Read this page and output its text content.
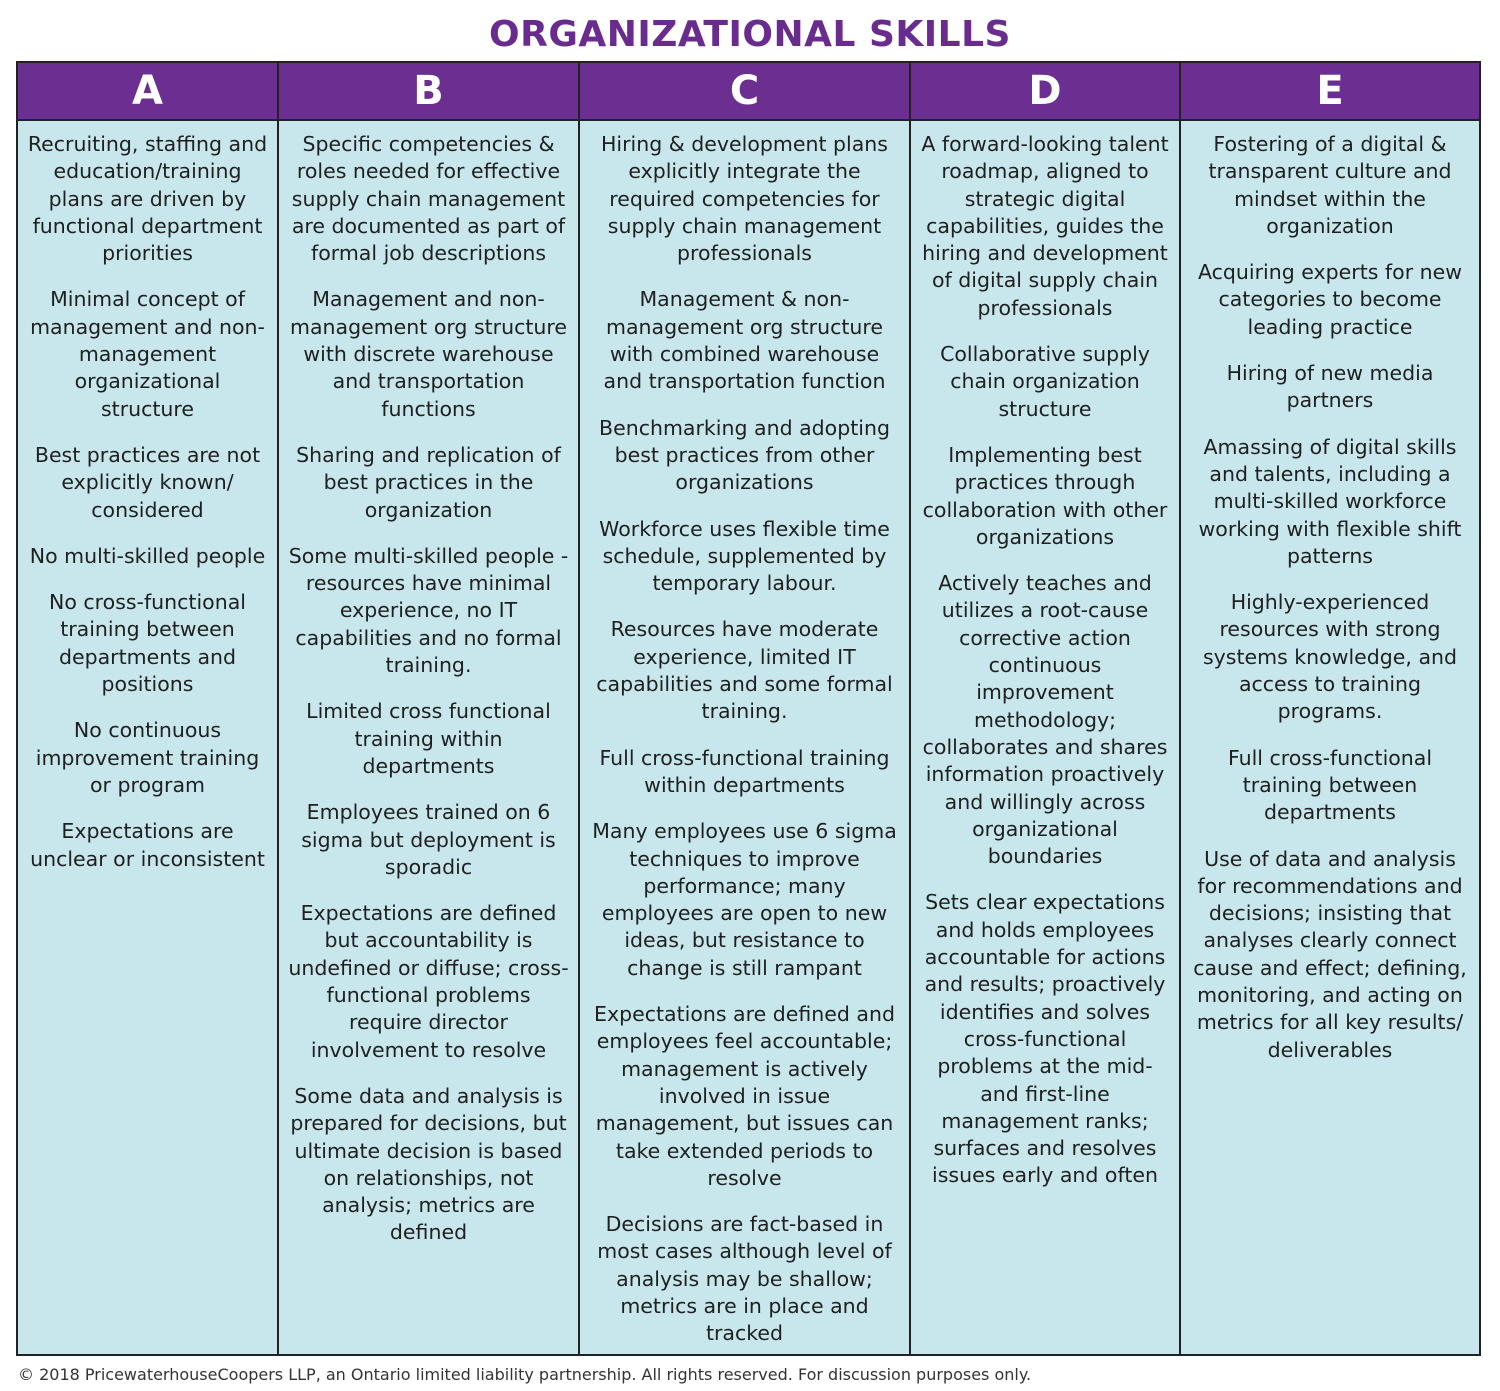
ORGANIZATIONAL SKILLS
A

Recruiting, staffing and education/training plans are driven by functional department priorities

Minimal concept of management and non-management organizational structure

Best practices are not explicitly known/ considered

No multi-skilled people

No cross-functional training between departments and positions

No continuous improvement training or program

Expectations are unclear or inconsistent

B

Specific competencies & roles needed for effective supply chain management are documented as part of formal job descriptions

Management and non-management org structure with discrete warehouse and transportation functions

Sharing and replication of best practices in the organization

Some multi-skilled people - resources have minimal experience, no IT capabilities and no formal training.

Limited cross functional training within departments

Employees trained on 6 sigma but deployment is sporadic

Expectations are defined but accountability is undefined or diffuse; cross-functional problems require director involvement to resolve

Some data and analysis is prepared for decisions, but ultimate decision is based on relationships, not analysis; metrics are defined

C

Hiring & development plans explicitly integrate the required competencies for supply chain management professionals

Management & non-management org structure with combined warehouse and transportation function

Benchmarking and adopting best practices from other organizations

Workforce uses flexible time schedule, supplemented by temporary labour.

Resources have moderate experience, limited IT capabilities and some formal training.

Full cross-functional training within departments

Many employees use 6 sigma techniques to improve performance; many employees are open to new ideas, but resistance to change is still rampant

Expectations are defined and employees feel accountable; management is actively involved in issue management, but issues can take extended periods to resolve

Decisions are fact-based in most cases although level of analysis may be shallow; metrics are in place and tracked

D

A forward-looking talent roadmap, aligned to strategic digital capabilities, guides the hiring and development of digital supply chain professionals

Collaborative supply chain organization structure

Implementing best practices through collaboration with other organizations

Actively teaches and utilizes a root-cause corrective action continuous improvement methodology; collaborates and shares information proactively and willingly across organizational boundaries

Sets clear expectations and holds employees accountable for actions and results; proactively identifies and solves cross-functional problems at the mid- and first-line management ranks; surfaces and resolves issues early and often

E

Fostering of a digital & transparent culture and mindset within the organization

Acquiring experts for new categories to become leading practice

Hiring of new media partners

Amassing of digital skills and talents, including a multi-skilled workforce working with flexible shift patterns

Highly-experienced resources with strong systems knowledge, and access to training programs.

Full cross-functional training between departments

Use of data and analysis for recommendations and decisions; insisting that analyses clearly connect cause and effect; defining, monitoring, and acting on metrics for all key results/ deliverables

© 2018 PricewaterhouseCoopers LLP, an Ontario limited liability partnership. All rights reserved. For discussion purposes only.
